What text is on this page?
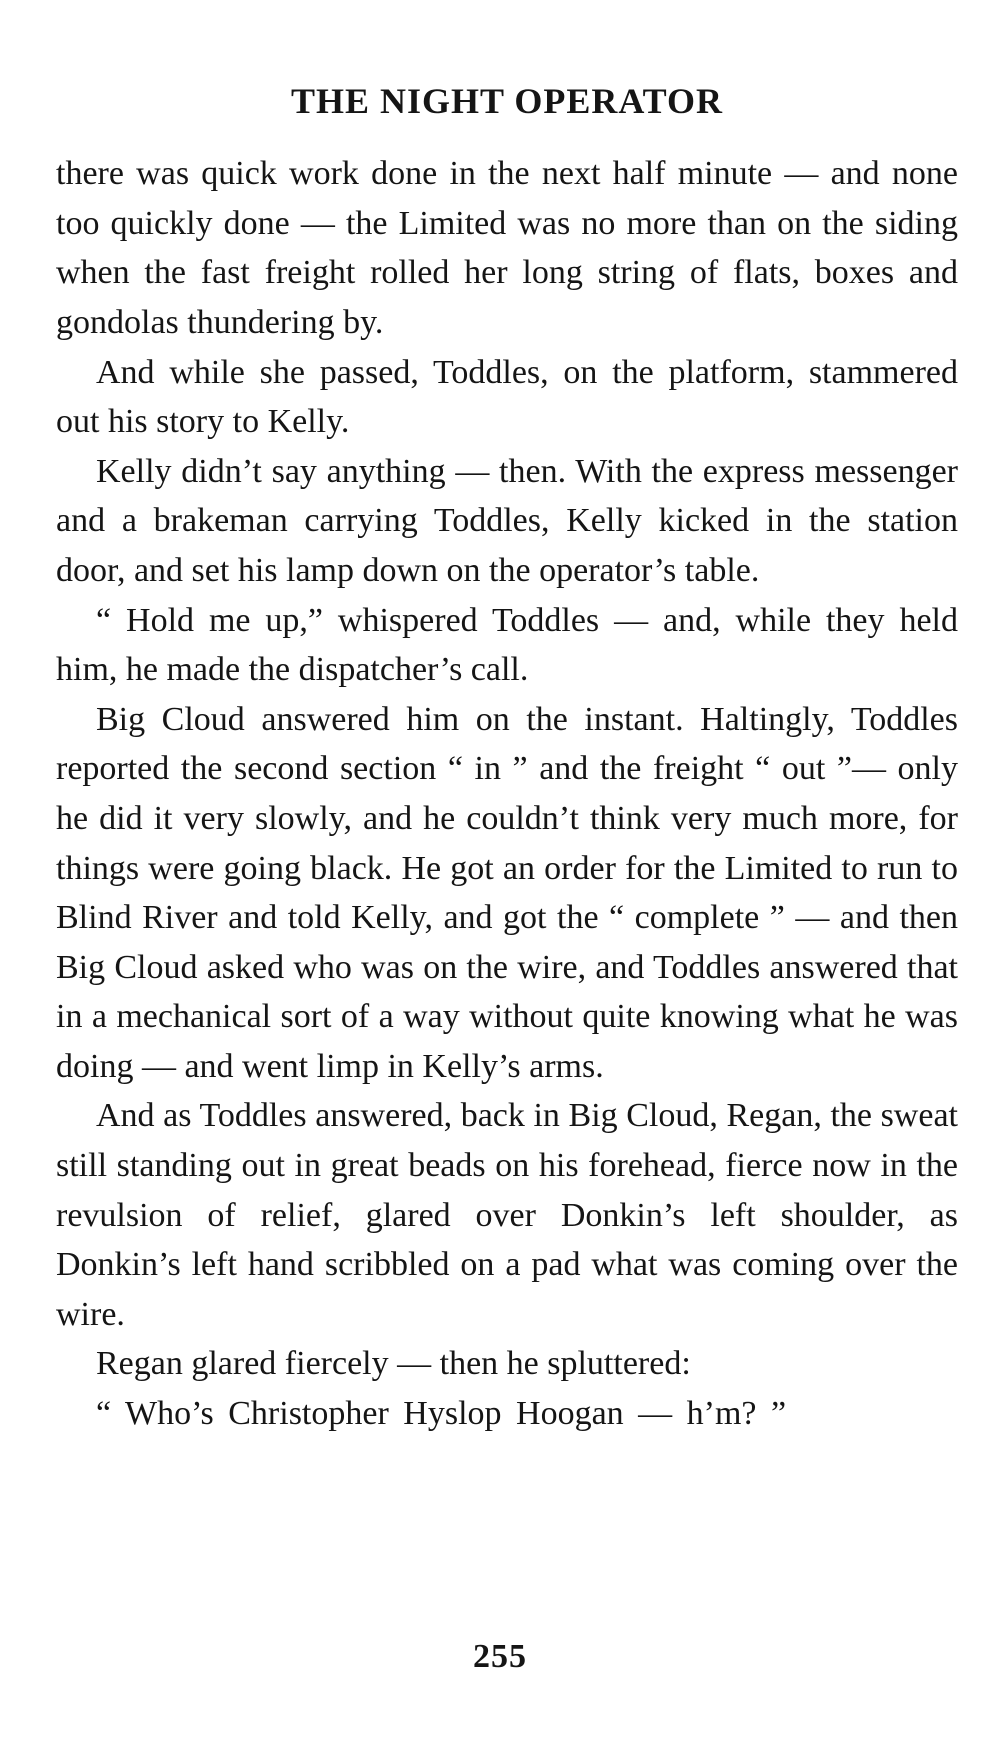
THE NIGHT OPERATOR

there was quick work done in the next half minute — and none too quickly done — the Limited was no more than on the siding when the fast freight rolled her long string of flats, boxes and gondolas thundering by.

And while she passed, Toddles, on the platform, stammered out his story to Kelly.

Kelly didn’t say anything — then. With the express messenger and a brakeman carrying Toddles, Kelly kicked in the station door, and set his lamp down on the operator’s table.

“ Hold me up,” whispered Toddles — and, while they held him, he made the dispatcher’s call.

Big Cloud answered him on the instant. Haltingly, Toddles reported the second section “ in ” and the freight “ out ”— only he did it very slowly, and he couldn’t think very much more, for things were going black. He got an order for the Limited to run to Blind River and told Kelly, and got the “ complete ” — and then Big Cloud asked who was on the wire, and Toddles answered that in a mechanical sort of a way without quite knowing what he was doing — and went limp in Kelly’s arms.

And as Toddles answered, back in Big Cloud, Regan, the sweat still standing out in great beads on his forehead, fierce now in the revulsion of relief, glared over Donkin’s left shoulder, as Donkin’s left hand scribbled on a pad what was coming over the wire.

Regan glared fiercely — then he spluttered:

“ Who’s Christopher Hyslop Hoogan — h’m? ”

255
